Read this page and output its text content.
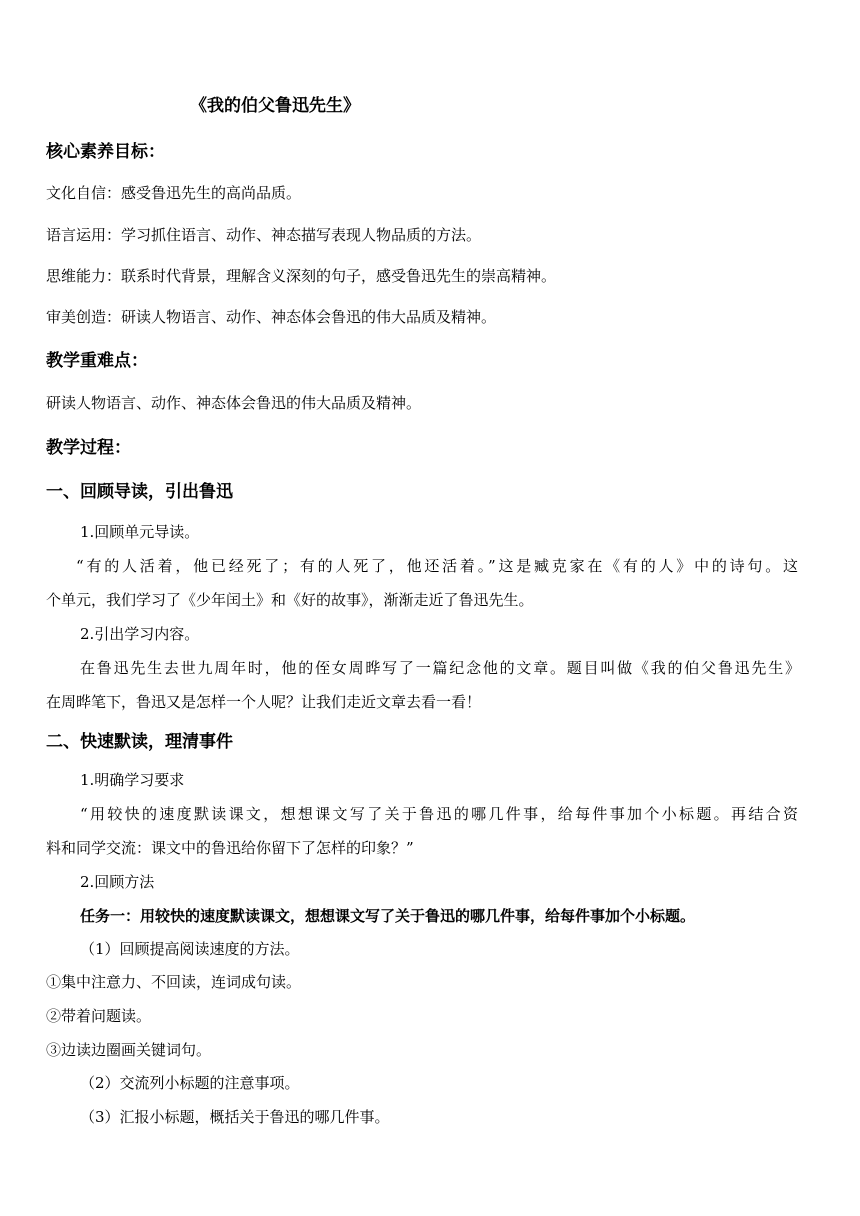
《我的伯父鲁迅先生》
核心素养目标：
文化自信：感受鲁迅先生的高尚品质。
语言运用：学习抓住语言、动作、神态描写表现人物品质的方法。
思维能力：联系时代背景，理解含义深刻的句子，感受鲁迅先生的崇高精神。
审美创造：研读人物语言、动作、神态体会鲁迅的伟大品质及精神。
教学重难点：
研读人物语言、动作、神态体会鲁迅的伟大品质及精神。
教学过程：
一、回顾导读，引出鲁迅
1.回顾单元导读。
“有的人活着，他已经死了；有的人死了，他还活着。”这是臧克家在《有的人》中的诗句。这
个单元，我们学习了《少年闰土》和《好的故事》，渐渐走近了鲁迅先生。
2.引出学习内容。
在鲁迅先生去世九周年时，他的侄女周晔写了一篇纪念他的文章。题目叫做《我的伯父鲁迅先生》
在周晔笔下，鲁迅又是怎样一个人呢？让我们走近文章去看一看！
二、快速默读，理清事件
1.明确学习要求
“用较快的速度默读课文，想想课文写了关于鲁迅的哪几件事，给每件事加个小标题。再结合资
料和同学交流：课文中的鲁迅给你留下了怎样的印象？”
2.回顾方法
任务一：用较快的速度默读课文，想想课文写了关于鲁迅的哪几件事，给每件事加个小标题。
（1）回顾提高阅读速度的方法。
①集中注意力、不回读，连词成句读。
②带着问题读。
③边读边圈画关键词句。
（2）交流列小标题的注意事项。
（3）汇报小标题，概括关于鲁迅的哪几件事。
